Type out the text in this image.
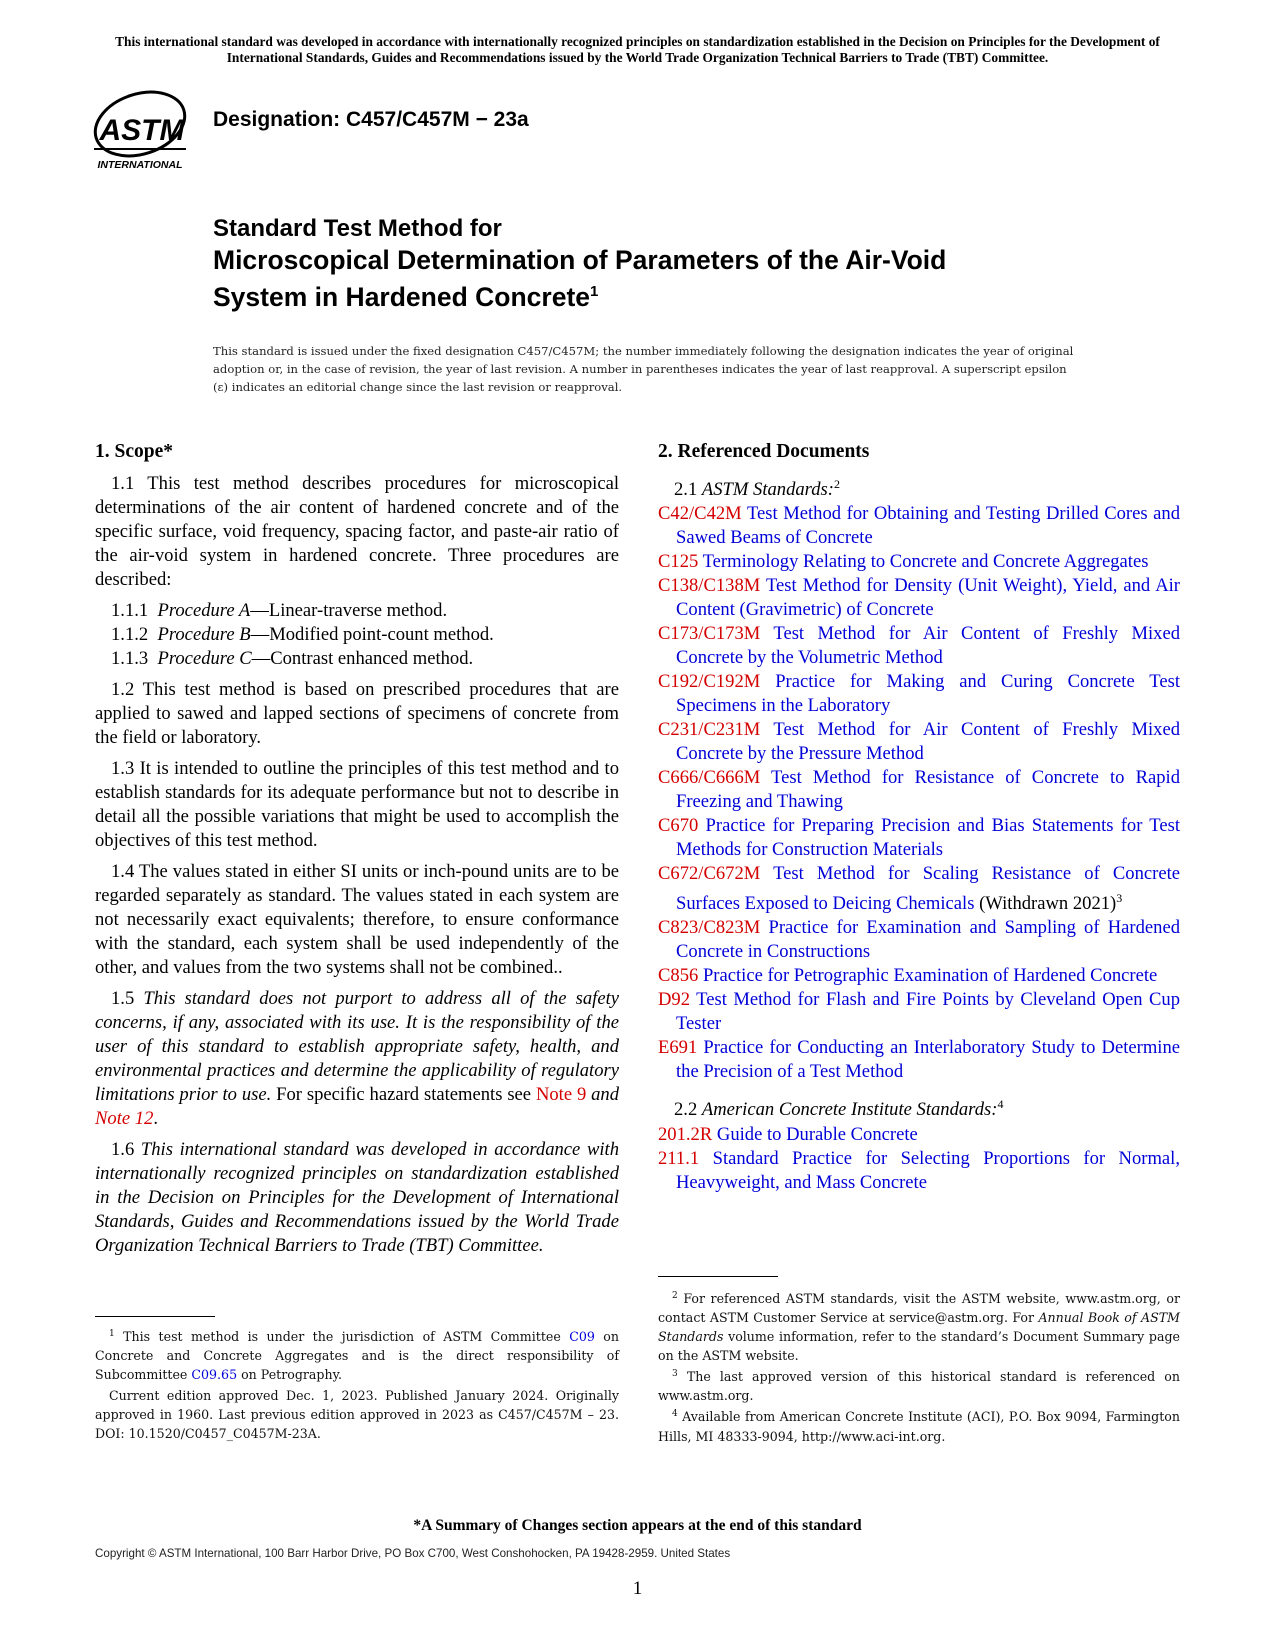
This international standard was developed in accordance with internationally recognized principles on standardization established in the Decision on Principles for the Development of International Standards, Guides and Recommendations issued by the World Trade Organization Technical Barriers to Trade (TBT) Committee.
ASTM
INTERNATIONAL
Designation: C457/C457M − 23a
Standard Test Method for
Microscopical Determination of Parameters of the Air-Void
System in Hardened Concrete$^1$
This standard is issued under the fixed designation C457/C457M; the number immediately following the designation indicates the year of original adoption or, in the case of revision, the year of last revision. A number in parentheses indicates the year of last reapproval. A superscript epsilon (ε) indicates an editorial change since the last revision or reapproval.
1. Scope*

1.1 This test method describes procedures for microscopical determinations of the air content of hardened concrete and of the specific surface, void frequency, spacing factor, and paste-air ratio of the air-void system in hardened concrete. Three procedures are described:

1.1.1 Procedure A—Linear-traverse method.
1.1.2 Procedure B—Modified point-count method.
1.1.3 Procedure C—Contrast enhanced method.

1.2 This test method is based on prescribed procedures that are applied to sawed and lapped sections of specimens of concrete from the field or laboratory.

1.3 It is intended to outline the principles of this test method and to establish standards for its adequate performance but not to describe in detail all the possible variations that might be used to accomplish the objectives of this test method.

1.4 The values stated in either SI units or inch-pound units are to be regarded separately as standard. The values stated in each system are not necessarily exact equivalents; therefore, to ensure conformance with the standard, each system shall be used independently of the other, and values from the two systems shall not be combined..

1.5 This standard does not purport to address all of the safety concerns, if any, associated with its use. It is the responsibility of the user of this standard to establish appropriate safety, health, and environmental practices and determine the applicability of regulatory limitations prior to use. For specific hazard statements see Note 9 and Note 12.

1.6 This international standard was developed in accordance with internationally recognized principles on standardization established in the Decision on Principles for the Development of International Standards, Guides and Recommendations issued by the World Trade Organization Technical Barriers to Trade (TBT) Committee.

2. Referenced Documents
2.1 ASTM Standards:$^2$

C42/C42M Test Method for Obtaining and Testing Drilled Cores and Sawed Beams of Concrete

C125 Terminology Relating to Concrete and Concrete Aggregates

C138/C138M Test Method for Density (Unit Weight), Yield, and Air Content (Gravimetric) of Concrete

C173/C173M Test Method for Air Content of Freshly Mixed Concrete by the Volumetric Method

C192/C192M Practice for Making and Curing Concrete Test Specimens in the Laboratory

C231/C231M Test Method for Air Content of Freshly Mixed Concrete by the Pressure Method

C666/C666M Test Method for Resistance of Concrete to Rapid Freezing and Thawing

C670 Practice for Preparing Precision and Bias Statements for Test Methods for Construction Materials

C672/C672M Test Method for Scaling Resistance of Concrete Surfaces Exposed to Deicing Chemicals (Withdrawn 2021)$^3$

C823/C823M Practice for Examination and Sampling of Hardened Concrete in Constructions

C856 Practice for Petrographic Examination of Hardened Concrete

D92 Test Method for Flash and Fire Points by Cleveland Open Cup Tester

E691 Practice for Conducting an Interlaboratory Study to Determine the Precision of a Test Method

2.2 American Concrete Institute Standards:$^4$

201.2R Guide to Durable Concrete

211.1 Standard Practice for Selecting Proportions for Normal, Heavyweight, and Mass Concrete

$^1$ This test method is under the jurisdiction of ASTM Committee C09 on Concrete and Concrete Aggregates and is the direct responsibility of Subcommittee C09.65 on Petrography.

Current edition approved Dec. 1, 2023. Published January 2024. Originally approved in 1960. Last previous edition approved in 2023 as C457/C457M – 23. DOI: 10.1520/C0457_C0457M-23A.

$^2$ For referenced ASTM standards, visit the ASTM website, www.astm.org, or contact ASTM Customer Service at service@astm.org. For Annual Book of ASTM Standards volume information, refer to the standard’s Document Summary page on the ASTM website.

$^3$ The last approved version of this historical standard is referenced on www.astm.org.

$^4$ Available from American Concrete Institute (ACI), P.O. Box 9094, Farmington Hills, MI 48333-9094, http://www.aci-int.org.

*A Summary of Changes section appears at the end of this standard
Copyright © ASTM International, 100 Barr Harbor Drive, PO Box C700, West Conshohocken, PA 19428-2959. United States
1
